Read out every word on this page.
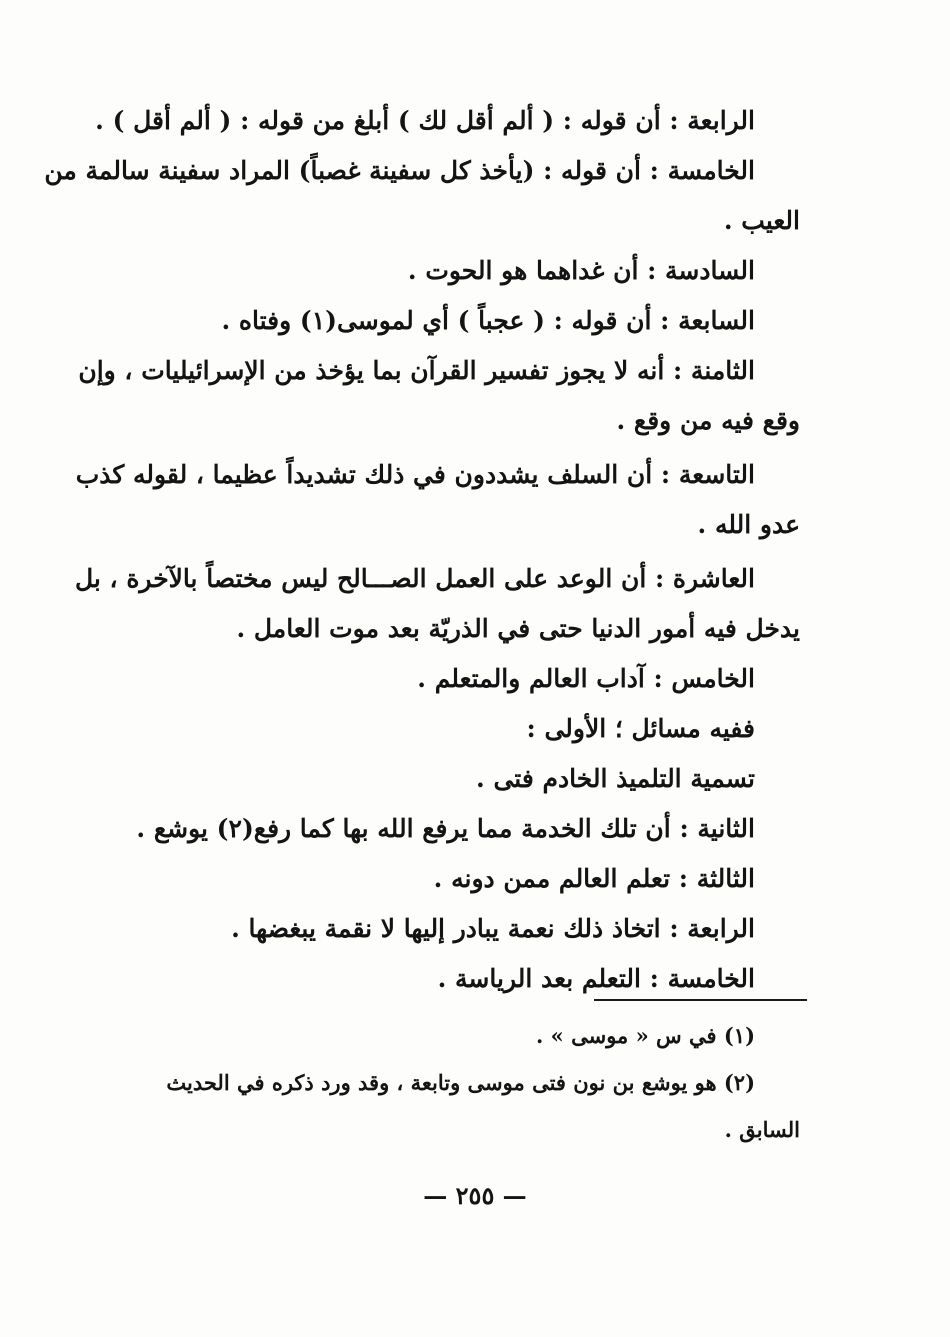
الرابعة : أن قوله : ( ألم أقل لك ) أبلغ من قوله : ( ألم أقل ) .
الخامسة : أن قوله : (يأخذ كل سفينة غصباً) المراد سفينة سالمة من
العيب .
السادسة : أن غداهما هو الحوت .
السابعة : أن قوله : ( عجباً ) أي لموسى(١) وفتاه .
الثامنة : أنه لا يجوز تفسير القرآن بما يؤخذ من الإسرائيليات ، وإن
وقع فيه من وقع .
التاسعة : أن السلف يشددون في ذلك تشديداً عظيما ، لقوله كذب
عدو الله .
العاشرة : أن الوعد على العمل الصـــالح ليس مختصاً بالآخرة ، بل
يدخل فيه أمور الدنيا حتى في الذريّة بعد موت العامل .
الخامس : آداب العالم والمتعلم .
ففيه مسائل ؛ الأولى :
تسمية التلميذ الخادم فتى .
الثانية : أن تلك الخدمة مما يرفع الله بها كما رفع(٢) يوشع .
الثالثة : تعلم العالم ممن دونه .
الرابعة : اتخاذ ذلك نعمة يبادر إليها لا نقمة يبغضها .
الخامسة : التعلم بعد الرياسة .
(١) في س « موسى » .
(٢) هو يوشع بن نون فتى موسى وتابعة ، وقد ورد ذكره في الحديث
السابق .
— ٢٥٥ —
